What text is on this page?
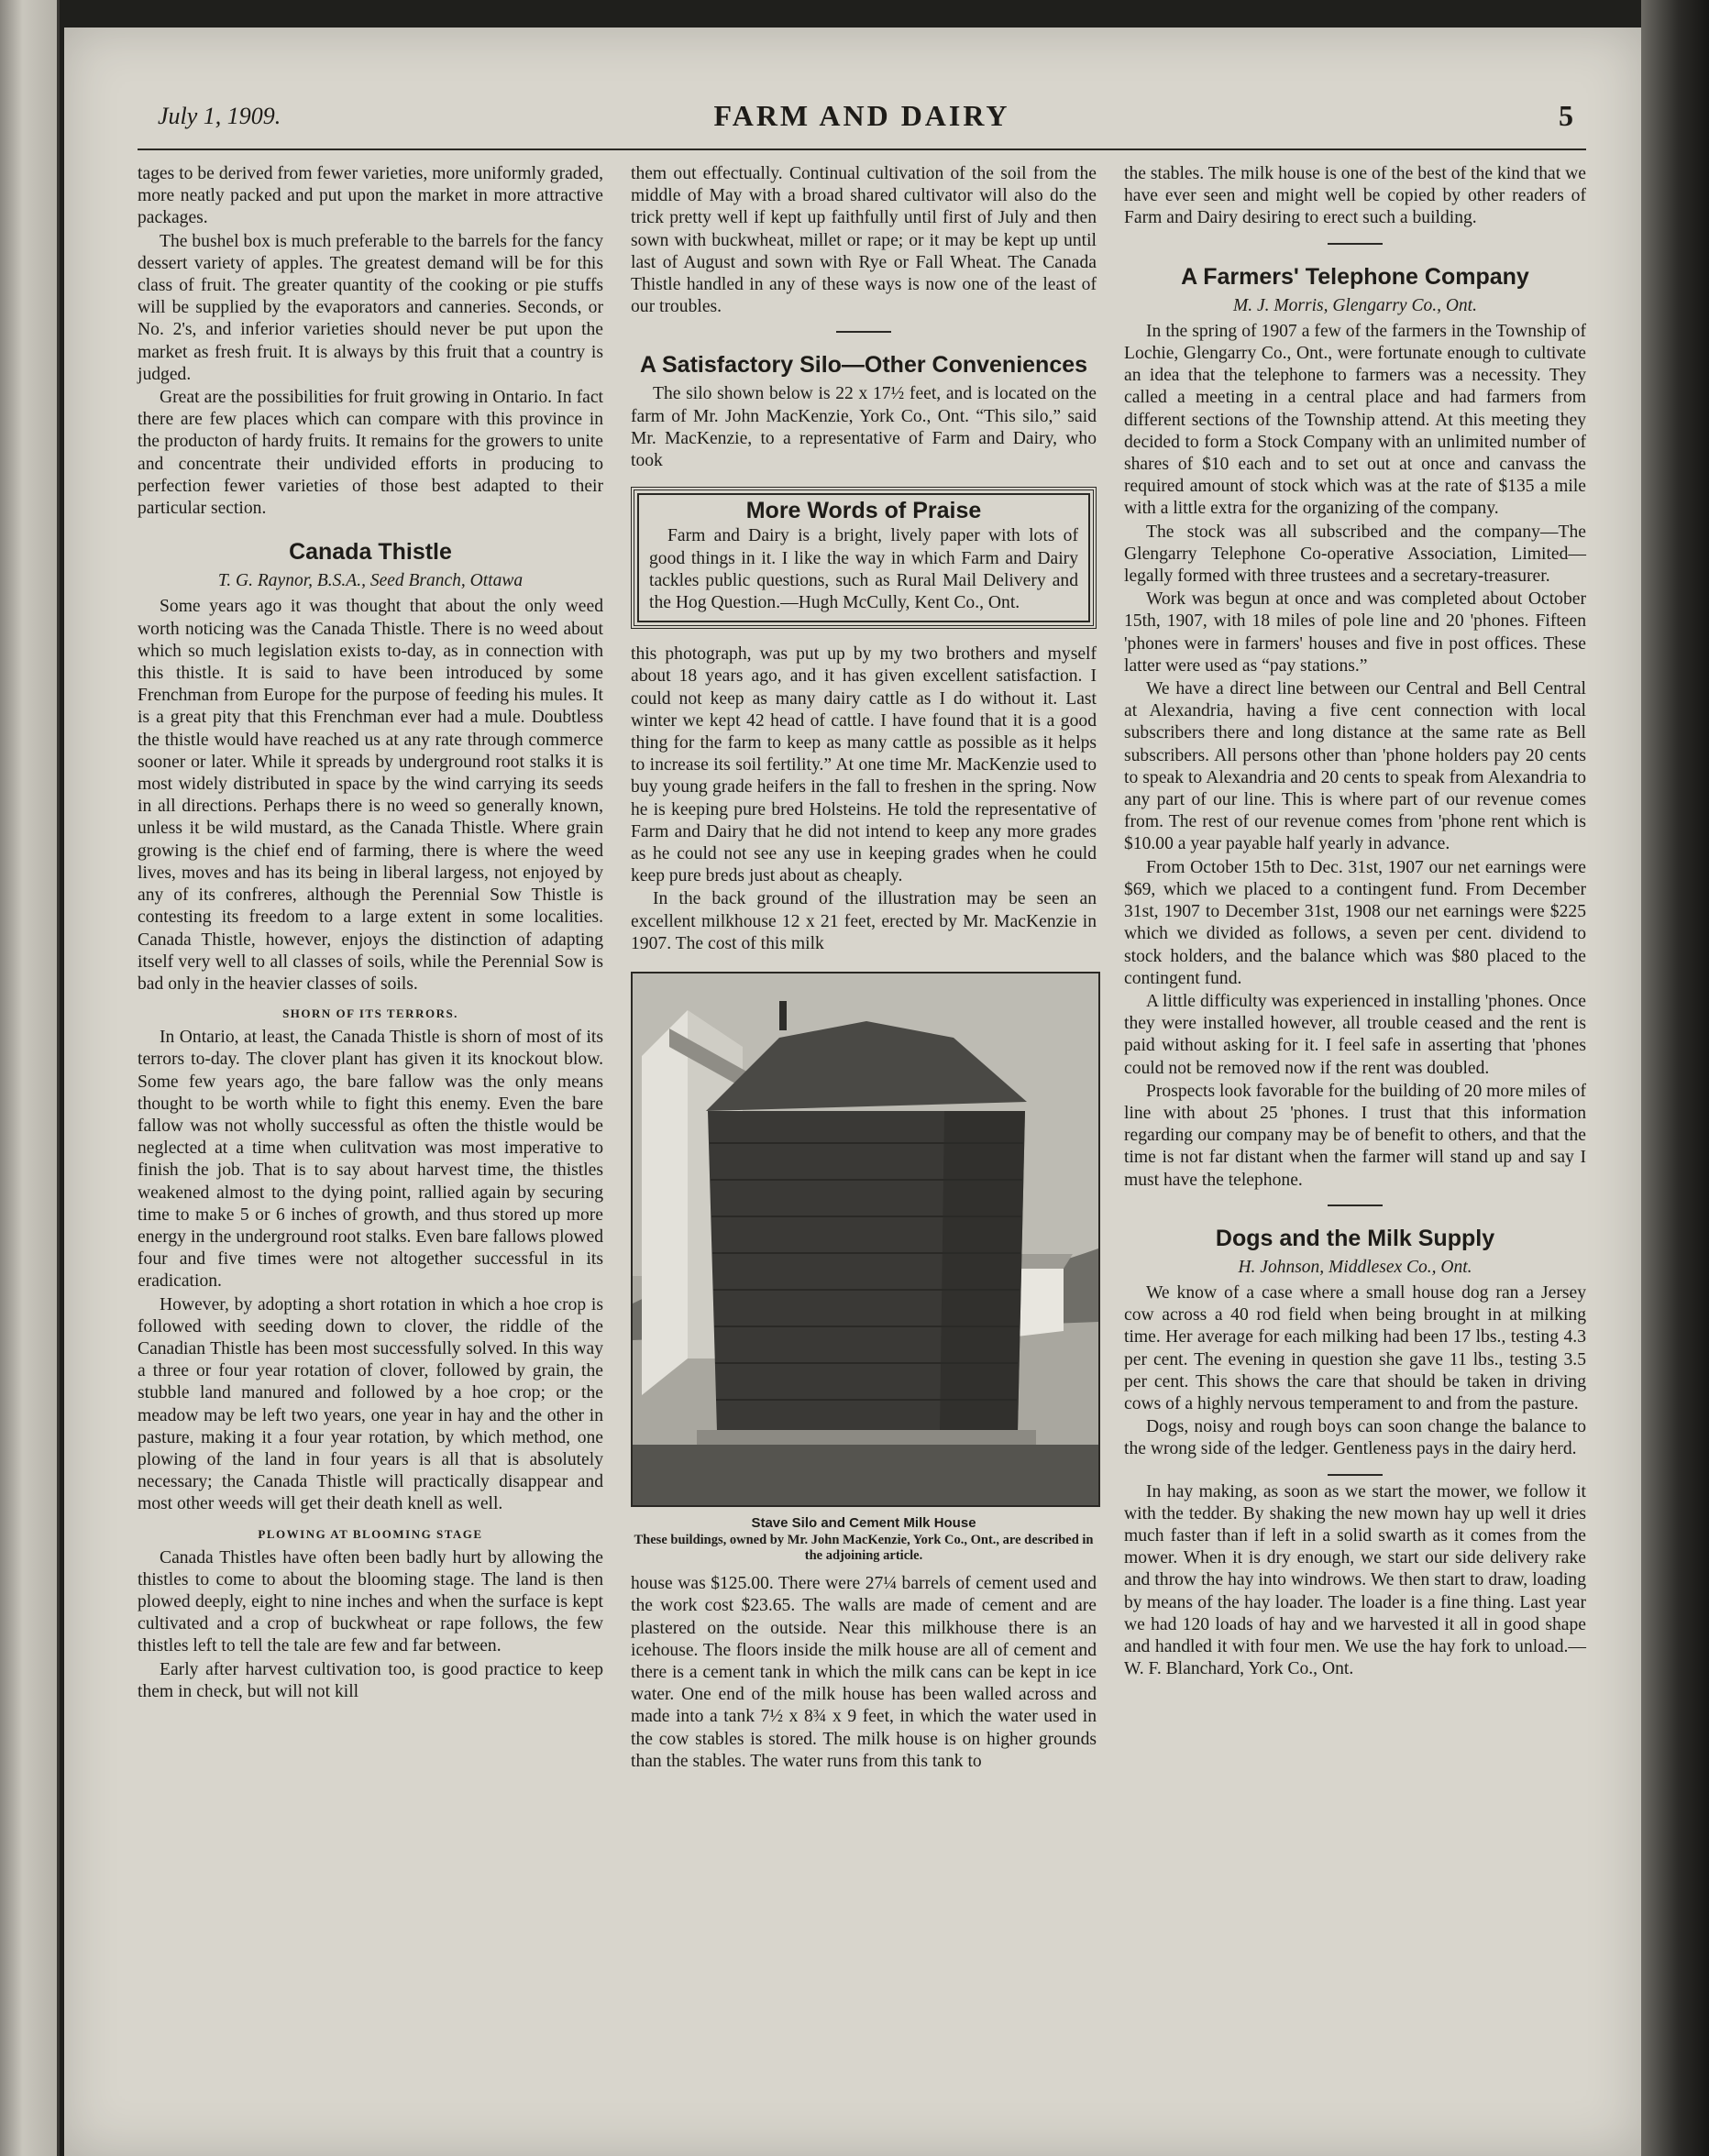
July 1, 1909.	FARM AND DAIRY	5

tages to be derived from fewer varieties, more uniformly graded, more neatly packed and put upon the market in more attractive packages.

The bushel box is much preferable to the barrels for the fancy dessert variety of apples. The greatest demand will be for this class of fruit. The greater quantity of the cooking or pie stuffs will be supplied by the evaporators and canneries. Seconds, or No. 2's, and inferior varieties should never be put upon the market as fresh fruit. It is always by this fruit that a country is judged.

Great are the possibilities for fruit growing in Ontario. In fact there are few places which can compare with this province in the producton of hardy fruits. It remains for the growers to unite and concentrate their undivided efforts in producing to perfection fewer varieties of those best adapted to their particular section.

Canada Thistle
T. G. Raynor, B.S.A., Seed Branch, Ottawa

Some years ago it was thought that about the only weed worth noticing was the Canada Thistle. There is no weed about which so much legislation exists to-day, as in connection with this thistle. It is said to have been introduced by some Frenchman from Europe for the purpose of feeding his mules. It is a great pity that this Frenchman ever had a mule. Doubtless the thistle would have reached us at any rate through commerce sooner or later. While it spreads by underground root stalks it is most widely distributed in space by the wind carrying its seeds in all directions. Perhaps there is no weed so generally known, unless it be wild mustard, as the Canada Thistle. Where grain growing is the chief end of farming, there is where the weed lives, moves and has its being in liberal largess, not enjoyed by any of its confreres, although the Perennial Sow Thistle is contesting its freedom to a large extent in some localities. Canada Thistle, however, enjoys the distinction of adapting itself very well to all classes of soils, while the Perennial Sow is bad only in the heavier classes of soils.

SHORN OF ITS TERRORS.

In Ontario, at least, the Canada Thistle is shorn of most of its terrors to-day. The clover plant has given it its knockout blow. Some few years ago, the bare fallow was the only means thought to be worth while to fight this enemy. Even the bare fallow was not wholly successful as often the thistle would be neglected at a time when culitvation was most imperative to finish the job. That is to say about harvest time, the thistles weakened almost to the dying point, rallied again by securing time to make 5 or 6 inches of growth, and thus stored up more energy in the underground root stalks. Even bare fallows plowed four and five times were not altogether successful in its eradication.

However, by adopting a short rotation in which a hoe crop is followed with seeding down to clover, the riddle of the Canadian Thistle has been most successfully solved. In this way a three or four year rotation of clover, followed by grain, the stubble land manured and followed by a hoe crop; or the meadow may be left two years, one year in hay and the other in pasture, making it a four year rotation, by which method, one plowing of the land in four years is all that is absolutely necessary; the Canada Thistle will practically disappear and most other weeds will get their death knell as well.

PLOWING AT BLOOMING STAGE

Canada Thistles have often been badly hurt by allowing the thistles to come to about the blooming stage. The land is then plowed deeply, eight to nine inches and when the surface is kept cultivated and a crop of buckwheat or rape follows, the few thistles left to tell the tale are few and far between.

Early after harvest cultivation too, is good practice to keep them in check, but will not kill

them out effectually. Continual cultivation of the soil from the middle of May with a broad shared cultivator will also do the trick pretty well if kept up faithfully until first of July and then sown with buckwheat, millet or rape; or it may be kept up until last of August and sown with Rye or Fall Wheat. The Canada Thistle handled in any of these ways is now one of the least of our troubles.

A Satisfactory Silo—Other Conveniences

The silo shown below is 22 x 17½ feet, and is located on the farm of Mr. John MacKenzie, York Co., Ont. “This silo,” said Mr. MacKenzie, to a representative of Farm and Dairy, who took

More Words of Praise

Farm and Dairy is a bright, lively paper with lots of good things in it. I like the way in which Farm and Dairy tackles public questions, such as Rural Mail Delivery and the Hog Question.—Hugh McCully, Kent Co., Ont.

this photograph, was put up by my two brothers and myself about 18 years ago, and it has given excellent satisfaction. I could not keep as many dairy cattle as I do without it. Last winter we kept 42 head of cattle. I have found that it is a good thing for the farm to keep as many cattle as possible as it helps to increase its soil fertility.” At one time Mr. MacKenzie used to buy young grade heifers in the fall to freshen in the spring. Now he is keeping pure bred Holsteins. He told the representative of Farm and Dairy that he did not intend to keep any more grades as he could not see any use in keeping grades when he could keep pure breds just about as cheaply.

In the back ground of the illustration may be seen an excellent milkhouse 12 x 21 feet, erected by Mr. MacKenzie in 1907. The cost of this milk

Stave Silo and Cement Milk House
These buildings, owned by Mr. John MacKenzie, York Co., Ont., are described in the adjoining article.

house was $125.00. There were 27¼ barrels of cement used and the work cost $23.65. The walls are made of cement and are plastered on the outside. Near this milkhouse there is an icehouse. The floors inside the milk house are all of cement and there is a cement tank in which the milk cans can be kept in ice water. One end of the milk house has been walled across and made into a tank 7½ x 8¾ x 9 feet, in which the water used in the cow stables is stored. The milk house is on higher grounds than the stables. The water runs from this tank to

the stables. The milk house is one of the best of the kind that we have ever seen and might well be copied by other readers of Farm and Dairy desiring to erect such a building.

A Farmers' Telephone Company
M. J. Morris, Glengarry Co., Ont.

In the spring of 1907 a few of the farmers in the Township of Lochie, Glengarry Co., Ont., were fortunate enough to cultivate an idea that the telephone to farmers was a necessity. They called a meeting in a central place and had farmers from different sections of the Township attend. At this meeting they decided to form a Stock Company with an unlimited number of shares of $10 each and to set out at once and canvass the required amount of stock which was at the rate of $135 a mile with a little extra for the organizing of the company.

The stock was all subscribed and the company—The Glengarry Telephone Co-operative Association, Limited—legally formed with three trustees and a secretary-treasurer.

Work was begun at once and was completed about October 15th, 1907, with 18 miles of pole line and 20 'phones. Fifteen 'phones were in farmers' houses and five in post offices. These latter were used as “pay stations.”

We have a direct line between our Central and Bell Central at Alexandria, having a five cent connection with local subscribers there and long distance at the same rate as Bell subscribers. All persons other than 'phone holders pay 20 cents to speak to Alexandria and 20 cents to speak from Alexandria to any part of our line. This is where part of our revenue comes from. The rest of our revenue comes from 'phone rent which is $10.00 a year payable half yearly in advance.

From October 15th to Dec. 31st, 1907 our net earnings were $69, which we placed to a contingent fund. From December 31st, 1907 to December 31st, 1908 our net earnings were $225 which we divided as follows, a seven per cent. dividend to stock holders, and the balance which was $80 placed to the contingent fund.

A little difficulty was experienced in installing 'phones. Once they were installed however, all trouble ceased and the rent is paid without asking for it. I feel safe in asserting that 'phones could not be removed now if the rent was doubled.

Prospects look favorable for the building of 20 more miles of line with about 25 'phones. I trust that this information regarding our company may be of benefit to others, and that the time is not far distant when the farmer will stand up and say I must have the telephone.

Dogs and the Milk Supply
H. Johnson, Middlesex Co., Ont.

We know of a case where a small house dog ran a Jersey cow across a 40 rod field when being brought in at milking time. Her average for each milking had been 17 lbs., testing 4.3 per cent. The evening in question she gave 11 lbs., testing 3.5 per cent. This shows the care that should be taken in driving cows of a highly nervous temperament to and from the pasture.

Dogs, noisy and rough boys can soon change the balance to the wrong side of the ledger. Gentleness pays in the dairy herd.

In hay making, as soon as we start the mower, we follow it with the tedder. By shaking the new mown hay up well it dries much faster than if left in a solid swarth as it comes from the mower. When it is dry enough, we start our side delivery rake and throw the hay into windrows. We then start to draw, loading by means of the hay loader. The loader is a fine thing. Last year we had 120 loads of hay and we harvested it all in good shape and handled it with four men. We use the hay fork to unload.—W. F. Blanchard, York Co., Ont.
